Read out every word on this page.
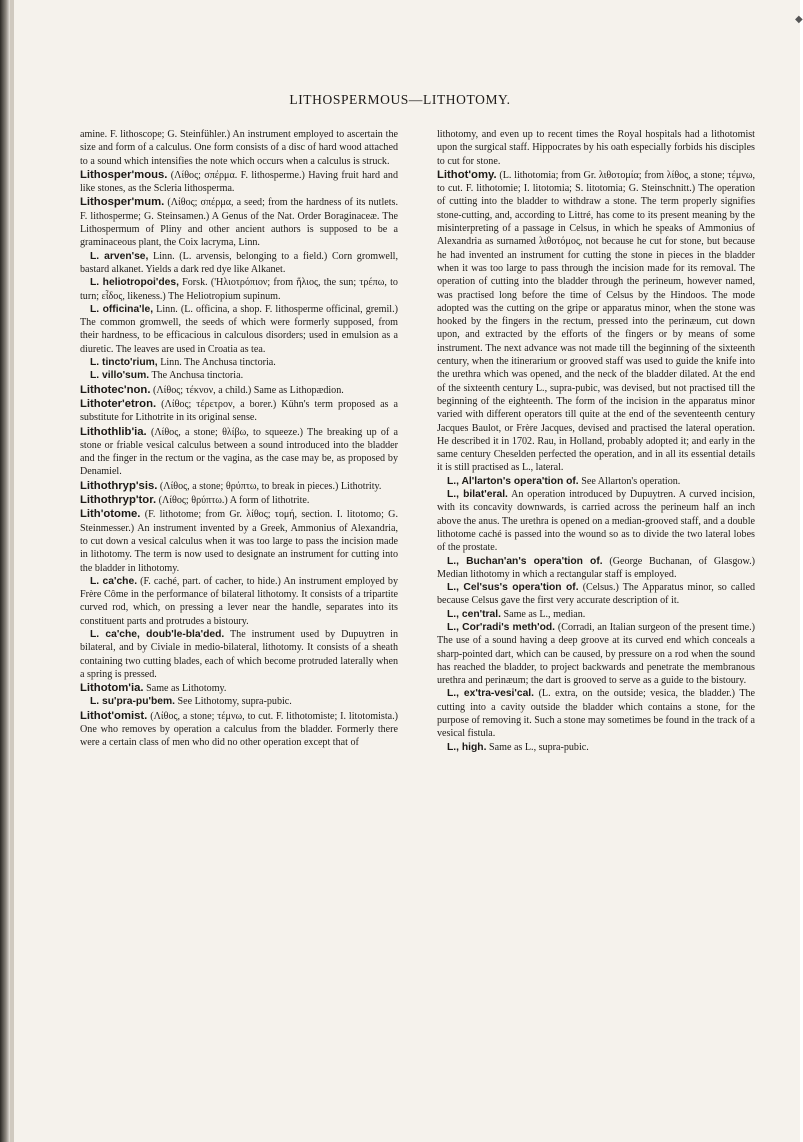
◆
LITHOSPERMOUS—LITHOTOMY.

amine. F. lithoscope; G. Steinfühler.) An instrument employed to ascertain the size and form of a calculus. One form consists of a disc of hard wood attached to a sound which intensifies the note which occurs when a calculus is struck.

Lithosper'mous. (Λίθος; σπέρμα. F. lithosperme.) Having fruit hard and like stones, as the Scleria lithosperma.

Lithosper'mum. (Λίθος; σπέρμα, a seed; from the hardness of its nutlets. F. lithosperme; G. Steinsamen.) A Genus of the Nat. Order Boraginaceæ. The Lithospermum of Pliny and other ancient authors is supposed to be a graminaceous plant, the Coix lacryma, Linn.

L. arven'se, Linn. (L. arvensis, belonging to a field.) Corn gromwell, bastard alkanet. Yields a dark red dye like Alkanet.

L. heliotropoi'des, Forsk. ('Ηλιοτρόπιον; from ἥλιος, the sun; τρέπω, to turn; εἶδος, likeness.) The Heliotropium supinum.

L. officina'le, Linn. (L. officina, a shop. F. lithosperme officinal, gremil.) The common gromwell, the seeds of which were formerly supposed, from their hardness, to be efficacious in calculous disorders; used in emulsion as a diuretic. The leaves are used in Croatia as tea.

L. tincto'rium, Linn. The Anchusa tinctoria.

L. villo'sum. The Anchusa tinctoria.

Lithotec'non. (Λίθος; τέκνον, a child.) Same as Lithopædion.

Lithoter'etron. (Λίθος; τέρετρον, a borer.) Kühn's term proposed as a substitute for Lithotrite in its original sense.

Lithothlib'ia. (Λίθος, a stone; θλίβω, to squeeze.) The breaking up of a stone or friable vesical calculus between a sound introduced into the bladder and the finger in the rectum or the vagina, as the case may be, as proposed by Denamiel.

Lithothryp'sis. (Λίθος, a stone; θρύπτω, to break in pieces.) Lithotrity.

Lithothryp'tor. (Λίθος; θρύπτω.) A form of lithotrite.

Lith'otome. (F. lithotome; from Gr. λίθος; τομή, section. I. litotomo; G. Steinmesser.) An instrument invented by a Greek, Ammonius of Alexandria, to cut down a vesical calculus when it was too large to pass the incision made in lithotomy. The term is now used to designate an instrument for cutting into the bladder in lithotomy.

L. ca'che. (F. caché, part. of cacher, to hide.) An instrument employed by Frère Côme in the performance of bilateral lithotomy. It consists of a tripartite curved rod, which, on pressing a lever near the handle, separates into its constituent parts and protrudes a bistoury.

L. ca'che, doub'le-bla'ded. The instrument used by Dupuytren in bilateral, and by Civiale in medio-bilateral, lithotomy. It consists of a sheath containing two cutting blades, each of which become protruded laterally when a spring is pressed.

Lithotom'ia. Same as Lithotomy.

L. su'pra-pu'bem. See Lithotomy, supra-pubic.

Lithot'omist. (Λίθος, a stone; τέμνω, to cut. F. lithotomiste; I. litotomista.) One who removes by operation a calculus from the bladder. Formerly there were a certain class of men who did no other operation except that of

lithotomy, and even up to recent times the Royal hospitals had a lithotomist upon the surgical staff. Hippocrates by his oath especially forbids his disciples to cut for stone.

Lithot'omy. (L. lithotomia; from Gr. λιθοτομία; from λίθος, a stone; τέμνω, to cut. F. lithotomie; I. litotomia; S. litotomia; G. Steinschnitt.) The operation of cutting into the bladder to withdraw a stone. The term properly signifies stone-cutting, and, according to Littré, has come to its present meaning by the misinterpreting of a passage in Celsus, in which he speaks of Ammonius of Alexandria as surnamed λιθοτόμος, not because he cut for stone, but because he had invented an instrument for cutting the stone in pieces in the bladder when it was too large to pass through the incision made for its removal. The operation of cutting into the bladder through the perineum, however named, was practised long before the time of Celsus by the Hindoos. The mode adopted was the cutting on the gripe or apparatus minor, when the stone was hooked by the fingers in the rectum, pressed into the perinæum, cut down upon, and extracted by the efforts of the fingers or by means of some instrument. The next advance was not made till the beginning of the sixteenth century, when the itinerarium or grooved staff was used to guide the knife into the urethra which was opened, and the neck of the bladder dilated. At the end of the sixteenth century L., supra-pubic, was devised, but not practised till the beginning of the eighteenth. The form of the incision in the apparatus minor varied with different operators till quite at the end of the seventeenth century Jacques Baulot, or Frère Jacques, devised and practised the lateral operation. He described it in 1702. Rau, in Holland, probably adopted it; and early in the same century Cheselden perfected the operation, and in all its essential details it is still practised as L., lateral.

L., Al'larton's opera'tion of. See Allarton's operation.

L., bilat'eral. An operation introduced by Dupuytren. A curved incision, with its concavity downwards, is carried across the perineum half an inch above the anus. The urethra is opened on a median-grooved staff, and a double lithotome caché is passed into the wound so as to divide the two lateral lobes of the prostate.

L., Buchan'an's opera'tion of. (George Buchanan, of Glasgow.) Median lithotomy in which a rectangular staff is employed.

L., Cel'sus's opera'tion of. (Celsus.) The Apparatus minor, so called because Celsus gave the first very accurate description of it.

L., cen'tral. Same as L., median.

L., Cor'radi's meth'od. (Corradi, an Italian surgeon of the present time.) The use of a sound having a deep groove at its curved end which conceals a sharp-pointed dart, which can be caused, by pressure on a rod when the sound has reached the bladder, to project backwards and penetrate the membranous urethra and perinæum; the dart is grooved to serve as a guide to the bistoury.

L., ex'tra-vesi'cal. (L. extra, on the outside; vesica, the bladder.) The cutting into a cavity outside the bladder which contains a stone, for the purpose of removing it. Such a stone may sometimes be found in the track of a vesical fistula.

L., high. Same as L., supra-pubic.
